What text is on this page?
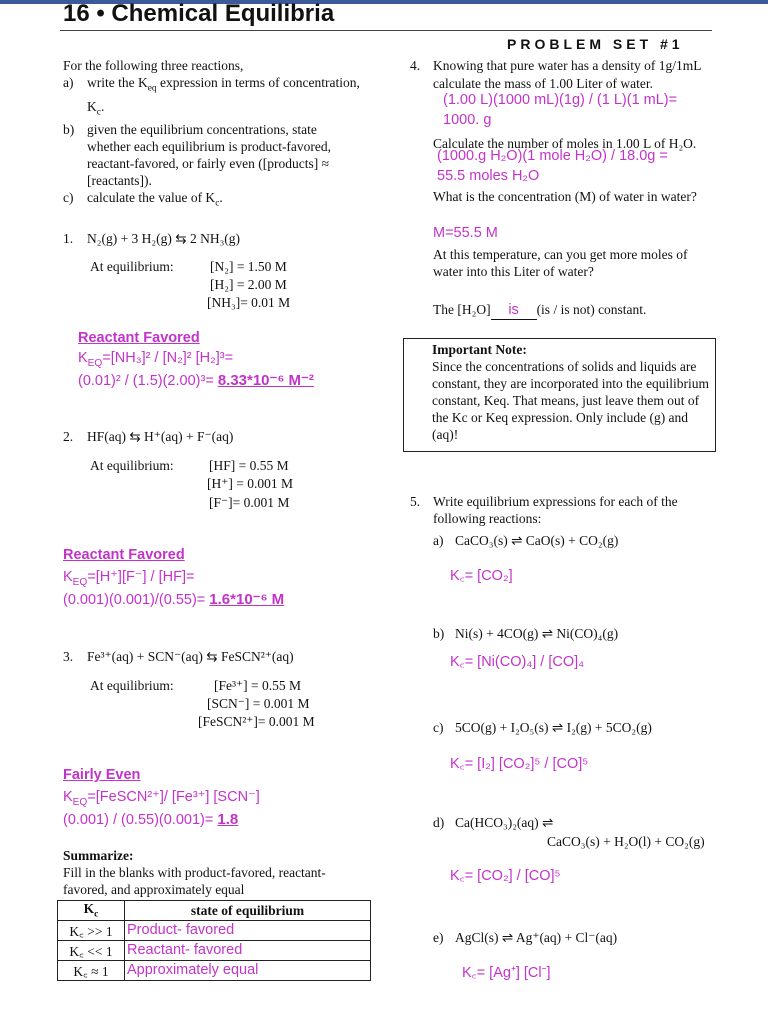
16 • Chemical Equilibria
PROBLEM SET #1
For the following three reactions,
a) write the $K_{eq}$ expression in terms of concentration, $K_c$.
b) given the equilibrium concentrations, state whether each equilibrium is product-favored, reactant-favored, or fairly even ([products] ≈ [reactants]).
c) calculate the value of $K_c$.
1. N₂(g) + 3 H₂(g) ⇆ 2 NH₃(g)
At equilibrium:	[N₂] = 1.50 M
[H₂] = 2.00 M
[NH₃]= 0.01 M
Reactant Favored
$K_{EQ}=[NH_3]^2 / [N_2]^2$ [H₂]³=
(0.01)² / (1.5)(2.00)³= 8.33*10⁻⁶ M⁻²
2. HF(aq) ⇆ H⁺(aq) + F⁻(aq)
At equilibrium:	[HF] = 0.55 M
[H⁺] = 0.001 M
[F⁻]= 0.001 M
Reactant Favored
$K_{EQ}=[H^+][F^-] / [HF]=$
(0.001)(0.001)/(0.55)= 1.6*10⁻⁶ M
3. Fe³⁺(aq) + SCN⁻(aq) ⇆ FeSCN²⁺(aq)
At equilibrium:	[Fe³⁺] = 0.55 M
[SCN⁻] = 0.001 M
[FeSCN²⁺]= 0.001 M
Fairly Even
$K_{EQ}=[FeSCN^{2+}]/$ [Fe³⁺] [SCN⁻]
(0.001) / (0.55)(0.001)= 1.8
Summarize:
Fill in the blanks with product-favored, reactant-favored, and approximately equal
$K_c$	state of equilibrium
K꜀ >> 1	Product- favored
K꜀ << 1	Reactant- favored
K꜀ ≈ 1	Approximately equal
4. Knowing that pure water has a density of 1g/1mL
calculate the mass of 1.00 Liter of water.
(1.00 L)(1000 mL)(1g) / (1 L)(1 mL)=
1000. g
Calculate the number of moles in 1.00 L of H₂O.
(1000.g H₂O)(1 mole H₂O) / 18.0g =
55.5 moles H₂O
What is the concentration (M) of water in water?
M=55.5 M
At this temperature, can you get more moles of water into this Liter of water?
The [H₂O] is (is / is not) constant.
Important Note:
Since the concentrations of solids and liquids are constant, they are incorporated into the equilibrium constant, Keq. That means, just leave them out of the Kc or Keq expression. Only include (g) and (aq)!
5. Write equilibrium expressions for each of the following reactions:
a) CaCO₃(s) ⇌ CaO(s) + CO₂(g)
K꜀= [CO₂]
b) Ni(s) + 4CO(g) ⇌ Ni(CO)₄(g)
K꜀= [Ni(CO)₄] / [CO]₄
c) 5CO(g) + I₂O₅(s) ⇌ I₂(g) + 5CO₂(g)
K꜀= [I₂] [CO₂]⁵ / [CO]⁵
d) Ca(HCO₃)₂(aq) ⇌
CaCO₃(s) + H₂O(l) + CO₂(g)
K꜀= [CO₂] / [CO]⁵
e) AgCl(s) ⇌ Ag⁺(aq) + Cl⁻(aq)
K꜀= [Ag⁺] [Cl⁻]
